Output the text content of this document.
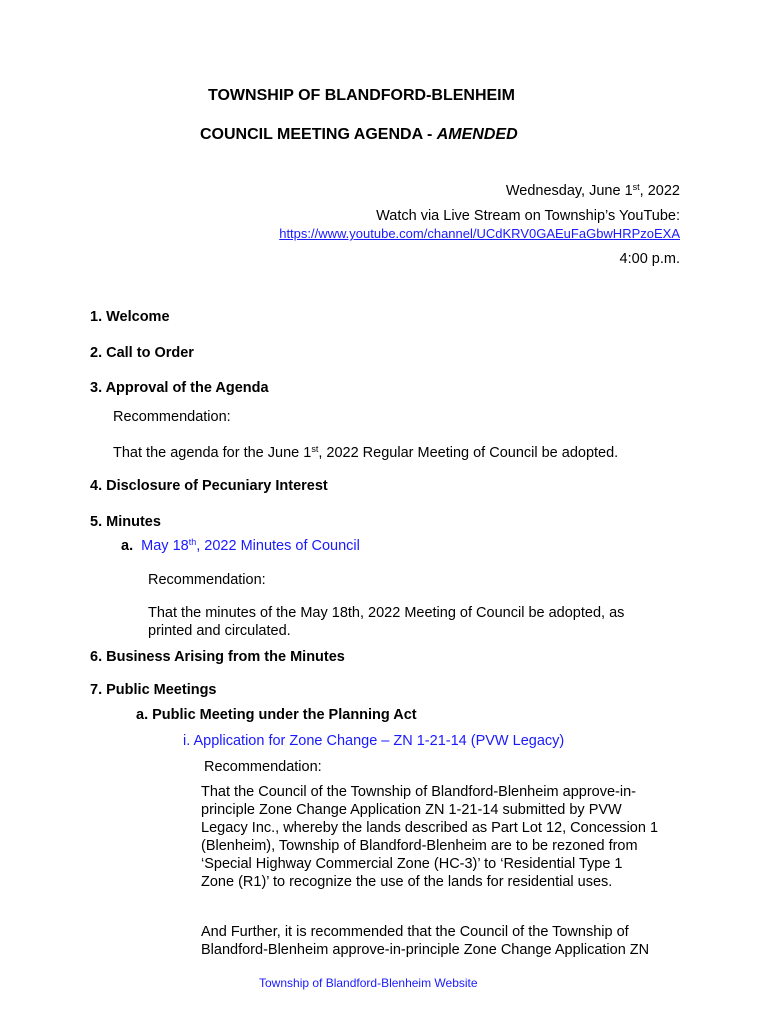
TOWNSHIP OF BLANDFORD-BLENHEIM
COUNCIL MEETING AGENDA - AMENDED
Wednesday, June 1st, 2022
Watch via Live Stream on Township’s YouTube:
https://www.youtube.com/channel/UCdKRV0GAEuFaGbwHRPzoEXA
4:00 p.m.
1. Welcome
2. Call to Order
3. Approval of the Agenda
Recommendation:
That the agenda for the June 1st, 2022 Regular Meeting of Council be adopted.
4. Disclosure of Pecuniary Interest
5. Minutes
a. May 18th, 2022 Minutes of Council
Recommendation:
That the minutes of the May 18th, 2022 Meeting of Council be adopted, as
printed and circulated.
6. Business Arising from the Minutes
7. Public Meetings
a. Public Meeting under the Planning Act
i. Application for Zone Change – ZN 1-21-14 (PVW Legacy)
Recommendation:
That the Council of the Township of Blandford-Blenheim approve-in-
principle Zone Change Application ZN 1-21-14 submitted by PVW
Legacy Inc., whereby the lands described as Part Lot 12, Concession 1
(Blenheim), Township of Blandford-Blenheim are to be rezoned from
‘Special Highway Commercial Zone (HC-3)’ to ‘Residential Type 1
Zone (R1)’ to recognize the use of the lands for residential uses.
And Further, it is recommended that the Council of the Township of
Blandford-Blenheim approve-in-principle Zone Change Application ZN
Township of Blandford-Blenheim Website
